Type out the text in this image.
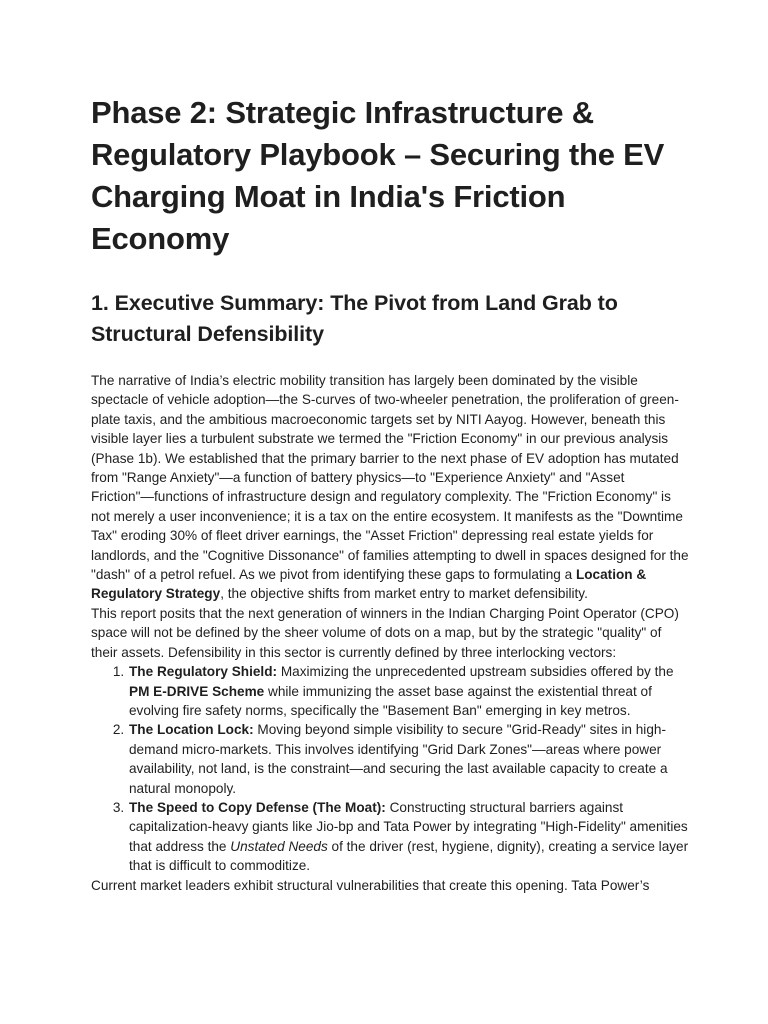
Phase 2: Strategic Infrastructure & Regulatory Playbook – Securing the EV Charging Moat in India's Friction Economy
1. Executive Summary: The Pivot from Land Grab to Structural Defensibility

The narrative of India’s electric mobility transition has largely been dominated by the visible spectacle of vehicle adoption—the S-curves of two-wheeler penetration, the proliferation of green-plate taxis, and the ambitious macroeconomic targets set by NITI Aayog. However, beneath this visible layer lies a turbulent substrate we termed the "Friction Economy" in our previous analysis (Phase 1b). We established that the primary barrier to the next phase of EV adoption has mutated from "Range Anxiety"—a function of battery physics—to "Experience Anxiety" and "Asset Friction"—functions of infrastructure design and regulatory complexity. The "Friction Economy" is not merely a user inconvenience; it is a tax on the entire ecosystem. It manifests as the "Downtime Tax" eroding 30% of fleet driver earnings, the "Asset Friction" depressing real estate yields for landlords, and the "Cognitive Dissonance" of families attempting to dwell in spaces designed for the "dash" of a petrol refuel. As we pivot from identifying these gaps to formulating a Location & Regulatory Strategy, the objective shifts from market entry to market defensibility.

This report posits that the next generation of winners in the Indian Charging Point Operator (CPO) space will not be defined by the sheer volume of dots on a map, but by the strategic "quality" of their assets. Defensibility in this sector is currently defined by three interlocking vectors:

1. The Regulatory Shield: Maximizing the unprecedented upstream subsidies offered by the PM E-DRIVE Scheme while immunizing the asset base against the existential threat of evolving fire safety norms, specifically the "Basement Ban" emerging in key metros.
2. The Location Lock: Moving beyond simple visibility to secure "Grid-Ready" sites in high-demand micro-markets. This involves identifying "Grid Dark Zones"—areas where power availability, not land, is the constraint—and securing the last available capacity to create a natural monopoly.
3. The Speed to Copy Defense (The Moat): Constructing structural barriers against capitalization-heavy giants like Jio-bp and Tata Power by integrating "High-Fidelity" amenities that address the Unstated Needs of the driver (rest, hygiene, dignity), creating a service layer that is difficult to commoditize.

Current market leaders exhibit structural vulnerabilities that create this opening. Tata Power’s
